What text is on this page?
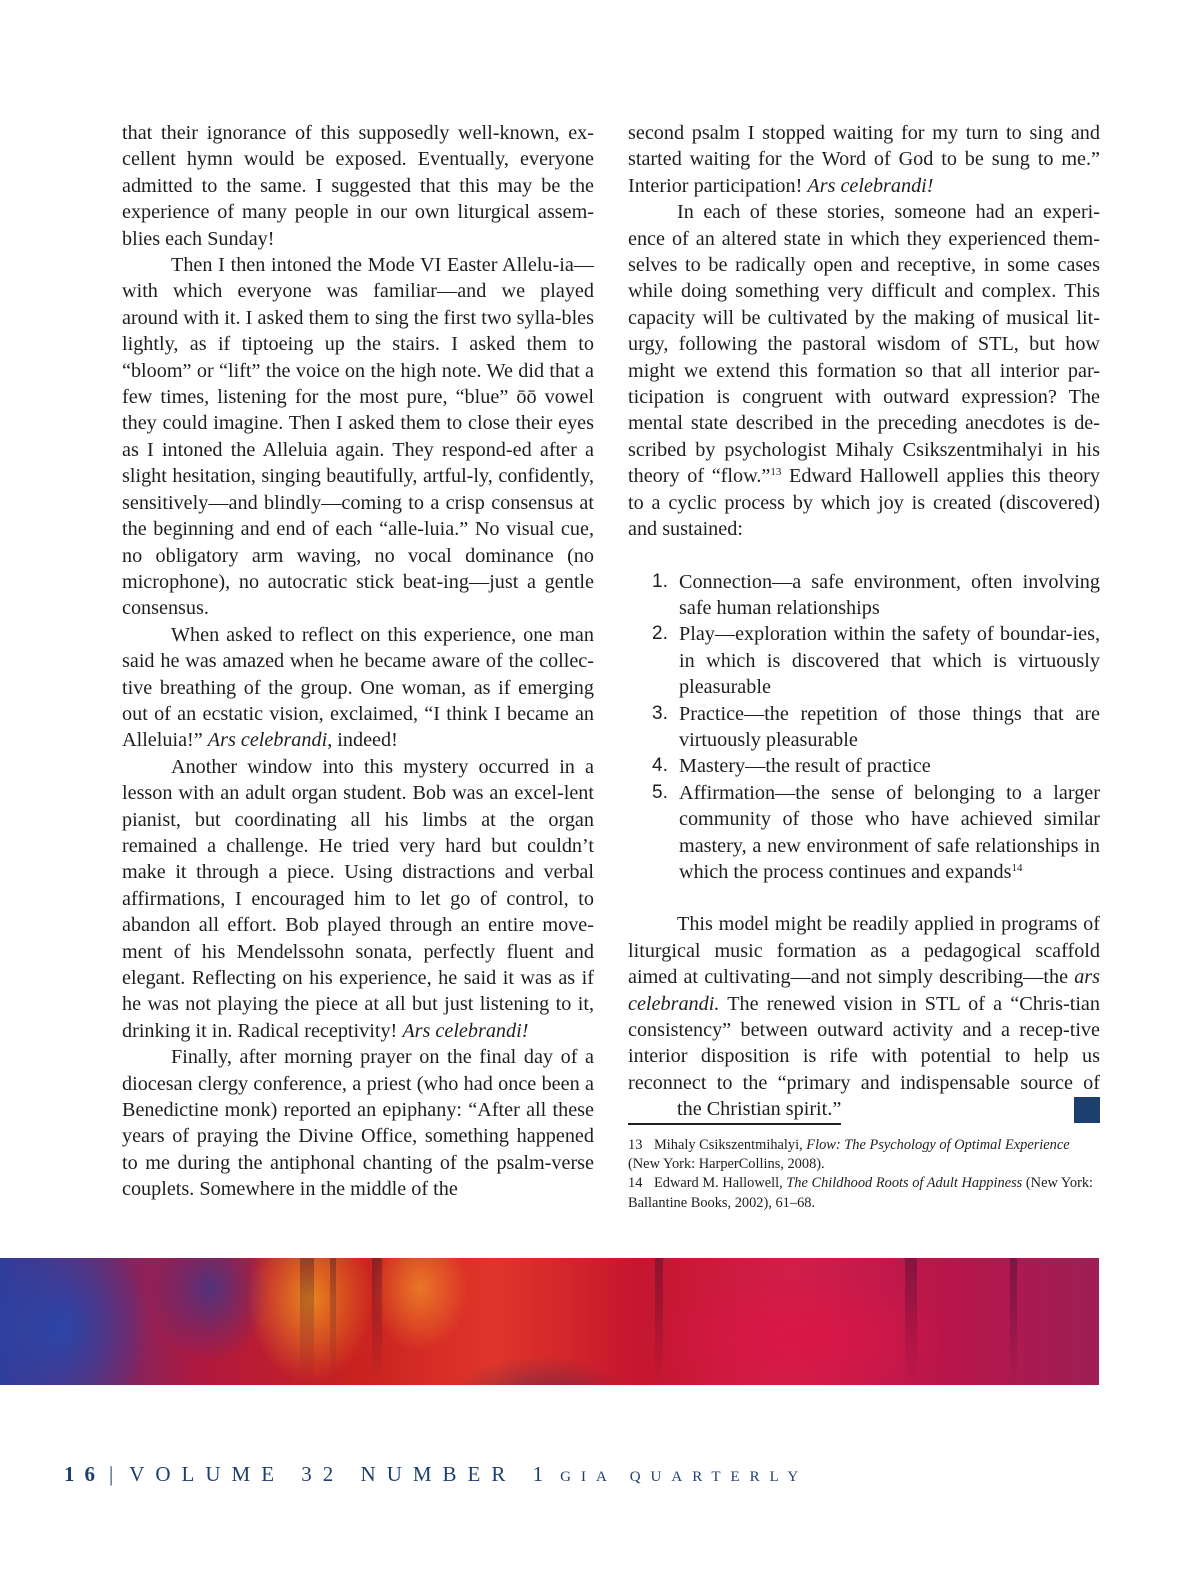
that their ignorance of this supposedly well-known, ex-cellent hymn would be exposed. Eventually, everyone admitted to the same. I suggested that this may be the experience of many people in our own liturgical assem-blies each Sunday!

Then I then intoned the Mode VI Easter Allelu-ia—with which everyone was familiar—and we played around with it. I asked them to sing the first two sylla-bles lightly, as if tiptoeing up the stairs. I asked them to “bloom” or “lift” the voice on the high note. We did that a few times, listening for the most pure, “blue” ōō vowel they could imagine. Then I asked them to close their eyes as I intoned the Alleluia again. They respond-ed after a slight hesitation, singing beautifully, artful-ly, confidently, sensitively—and blindly—coming to a crisp consensus at the beginning and end of each “alle-luia.” No visual cue, no obligatory arm waving, no vocal dominance (no microphone), no autocratic stick beat-ing—just a gentle consensus.

When asked to reflect on this experience, one man said he was amazed when he became aware of the collec-tive breathing of the group. One woman, as if emerging out of an ecstatic vision, exclaimed, “I think I became an Alleluia!” Ars celebrandi, indeed!

Another window into this mystery occurred in a lesson with an adult organ student. Bob was an excel-lent pianist, but coordinating all his limbs at the organ remained a challenge. He tried very hard but couldn’t make it through a piece. Using distractions and verbal affirmations, I encouraged him to let go of control, to abandon all effort. Bob played through an entire move-ment of his Mendelssohn sonata, perfectly fluent and elegant. Reflecting on his experience, he said it was as if he was not playing the piece at all but just listening to it, drinking it in. Radical receptivity! Ars celebrandi!

Finally, after morning prayer on the final day of a diocesan clergy conference, a priest (who had once been a Benedictine monk) reported an epiphany: “After all these years of praying the Divine Office, something happened to me during the antiphonal chanting of the psalm-verse couplets. Somewhere in the middle of the

second psalm I stopped waiting for my turn to sing and started waiting for the Word of God to be sung to me.” Interior participation! Ars celebrandi!

In each of these stories, someone had an experi-ence of an altered state in which they experienced them-selves to be radically open and receptive, in some cases while doing something very difficult and complex. This capacity will be cultivated by the making of musical lit-urgy, following the pastoral wisdom of STL, but how might we extend this formation so that all interior par-ticipation is congruent with outward expression? The mental state described in the preceding anecdotes is de-scribed by psychologist Mihaly Csikszentmihalyi in his theory of “flow.”$^{13}$ Edward Hallowell applies this theory to a cyclic process by which joy is created (discovered) and sustained:

1. Connection—a safe environment, often involving safe human relationships
2. Play—exploration within the safety of boundar-ies, in which is discovered that which is virtuously pleasurable
3. Practice—the repetition of those things that are virtuously pleasurable
4. Mastery—the result of practice
5. Affirmation—the sense of belonging to a larger community of those who have achieved similar mastery, a new environment of safe relationships in which the process continues and expands$^{14}$

This model might be readily applied in programs of liturgical music formation as a pedagogical scaffold aimed at cultivating—and not simply describing—the ars celebrandi. The renewed vision in STL of a “Chris-tian consistency” between outward activity and a recep-tive interior disposition is rife with potential to help us reconnect to the “primary and indispensable source of the Christian spirit.”

13 Mihaly Csikszentmihalyi, Flow: The Psychology of Optimal Experience (New York: HarperCollins, 2008).

14 Edward M. Hallowell, The Childhood Roots of Adult Happiness (New York: Ballantine Books, 2002), 61–68.

16 | VOLUME 32 NUMBER 1 GIA QUARTERLY
